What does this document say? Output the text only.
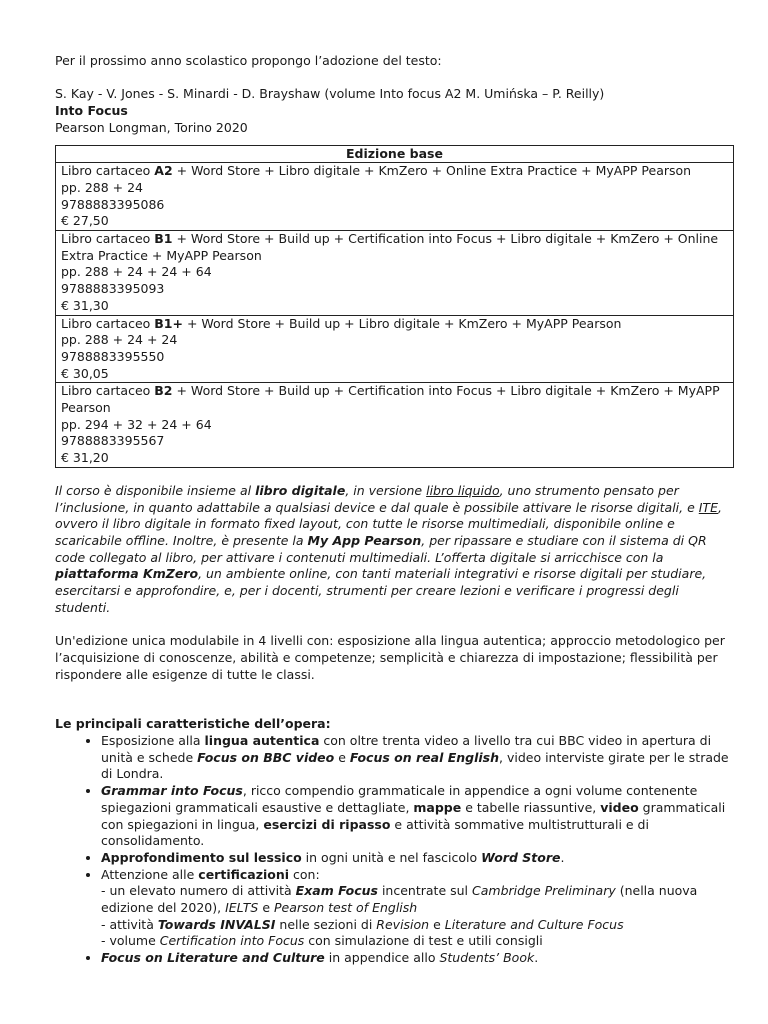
Per il prossimo anno scolastico propongo l’adozione del testo:

S. Kay - V. Jones - S. Minardi - D. Brayshaw (volume Into focus A2 M. Umińska – P. Reilly)

Into Focus

Pearson Longman, Torino 2020

Edizione base

Libro cartaceo A2 + Word Store + Libro digitale + KmZero + Online Extra Practice + MyAPP Pearson
pp. 288 + 24
9788883395086
€ 27,50

Libro cartaceo B1 + Word Store + Build up + Certification into Focus + Libro digitale + KmZero + Online Extra Practice + MyAPP Pearson
pp. 288 + 24 + 24 + 64
9788883395093
€ 31,30

Libro cartaceo B1+ + Word Store + Build up + Libro digitale + KmZero + MyAPP Pearson
pp. 288 + 24 + 24
9788883395550
€ 30,05

Libro cartaceo B2 + Word Store + Build up + Certification into Focus + Libro digitale + KmZero + MyAPP Pearson
pp. 294 + 32 + 24 + 64
9788883395567
€ 31,20

Il corso è disponibile insieme al libro digitale, in versione libro liquido, uno strumento pensato per l’inclusione, in quanto adattabile a qualsiasi device e dal quale è possibile attivare le risorse digitali, e ITE, ovvero il libro digitale in formato fixed layout, con tutte le risorse multimediali, disponibile online e scaricabile offline. Inoltre, è presente la My App Pearson, per ripassare e studiare con il sistema di QR code collegato al libro, per attivare i contenuti multimediali. L’offerta digitale si arricchisce con la piattaforma KmZero, un ambiente online, con tanti materiali integrativi e risorse digitali per studiare, esercitarsi e approfondire, e, per i docenti, strumenti per creare lezioni e verificare i progressi degli studenti.

Un'edizione unica modulabile in 4 livelli con: esposizione alla lingua autentica; approccio metodologico per l’acquisizione di conoscenze, abilità e competenze; semplicità e chiarezza di impostazione; flessibilità per rispondere alle esigenze di tutte le classi.

Le principali caratteristiche dell’opera:

• Esposizione alla lingua autentica con oltre trenta video a livello tra cui BBC video in apertura di unità e schede Focus on BBC video e Focus on real English, video interviste girate per le strade di Londra.
• Grammar into Focus, ricco compendio grammaticale in appendice a ogni volume contenente spiegazioni grammaticali esaustive e dettagliate, mappe e tabelle riassuntive, video grammaticali con spiegazioni in lingua, esercizi di ripasso e attività sommative multistrutturali e di consolidamento.
• Approfondimento sul lessico in ogni unità e nel fascicolo Word Store.
• Attenzione alle certificazioni con:
- un elevato numero di attività Exam Focus incentrate sul Cambridge Preliminary (nella nuova edizione del 2020), IELTS e Pearson test of English
- attività Towards INVALSI nelle sezioni di Revision e Literature and Culture Focus
- volume Certification into Focus con simulazione di test e utili consigli
• Focus on Literature and Culture in appendice allo Students’ Book.
